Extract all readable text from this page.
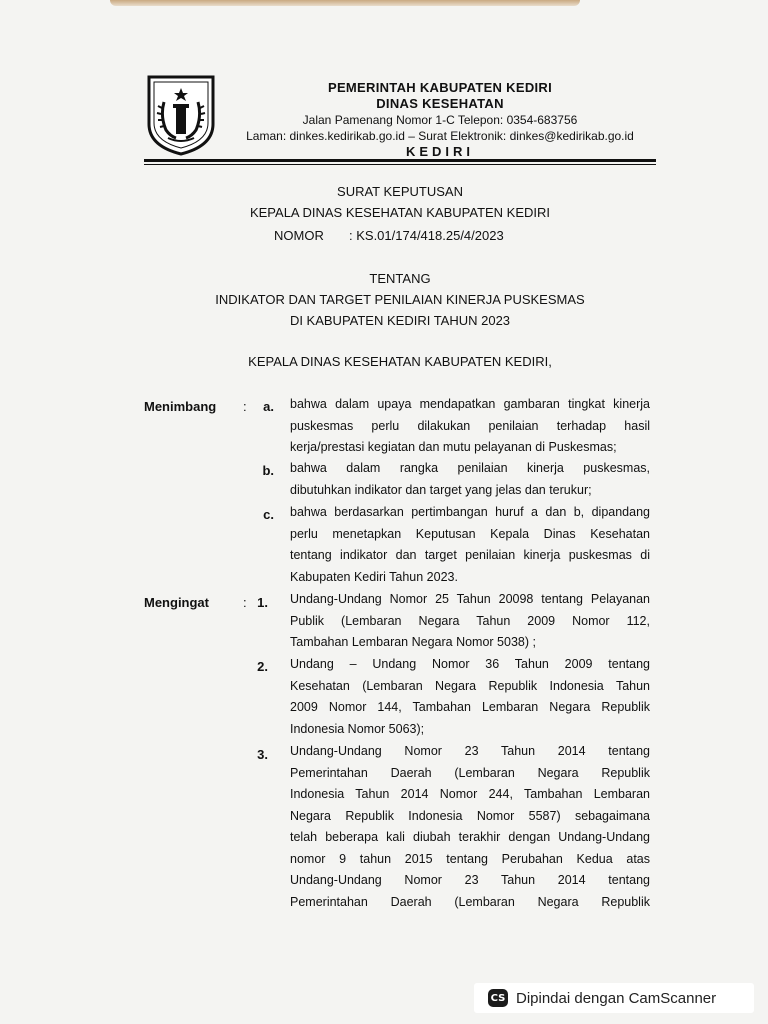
PEMERINTAH KABUPATEN KEDIRI
DINAS KESEHATAN
Jalan Pamenang Nomor 1-C Telepon: 0354-683756
Laman: dinkes.kedirikab.go.id – Surat Elektronik: dinkes@kedirikab.go.id
KEDIRI
SURAT KEPUTUSAN
KEPALA DINAS KESEHATAN KABUPATEN KEDIRI
NOMOR : KS.01/174/418.25/4/2023
TENTANG
INDIKATOR DAN TARGET PENILAIAN KINERJA PUSKESMAS
DI KABUPATEN KEDIRI TAHUN 2023
KEPALA DINAS KESEHATAN KABUPATEN KEDIRI,
Menimbang :	a. bahwa dalam upaya mendapatkan gambaran tingkat kinerja
puskesmas perlu dilakukan penilaian terhadap hasil
kerja/prestasi kegiatan dan mutu pelayanan di Puskesmas;
b. bahwa dalam rangka penilaian kinerja puskesmas,
dibutuhkan indikator dan target yang jelas dan terukur;
c. bahwa berdasarkan pertimbangan huruf a dan b, dipandang
perlu menetapkan Keputusan Kepala Dinas Kesehatan
tentang indikator dan target penilaian kinerja puskesmas di
Kabupaten Kediri Tahun 2023.
Mengingat	: 1. Undang-Undang Nomor 25 Tahun 20098 tentang Pelayanan
Publik (Lembaran Negara Tahun 2009 Nomor 112,
Tambahan Lembaran Negara Nomor 5038) ;
2. Undang – Undang Nomor 36 Tahun 2009 tentang
Kesehatan (Lembaran Negara Republik Indonesia Tahun
2009 Nomor 144, Tambahan Lembaran Negara Republik
Indonesia Nomor 5063);
3. Undang-Undang Nomor 23 Tahun 2014 tentang
Pemerintahan Daerah (Lembaran Negara Republik
Indonesia Tahun 2014 Nomor 244, Tambahan Lembaran
Negara Republik Indonesia Nomor 5587) sebagaimana
telah beberapa kali diubah terakhir dengan Undang-Undang
nomor 9 tahun 2015 tentang Perubahan Kedua atas
Undang-Undang Nomor 23 Tahun 2014 tentang
Pemerintahan Daerah (Lembaran Negara Republik
CS Dipindai dengan CamScanner
